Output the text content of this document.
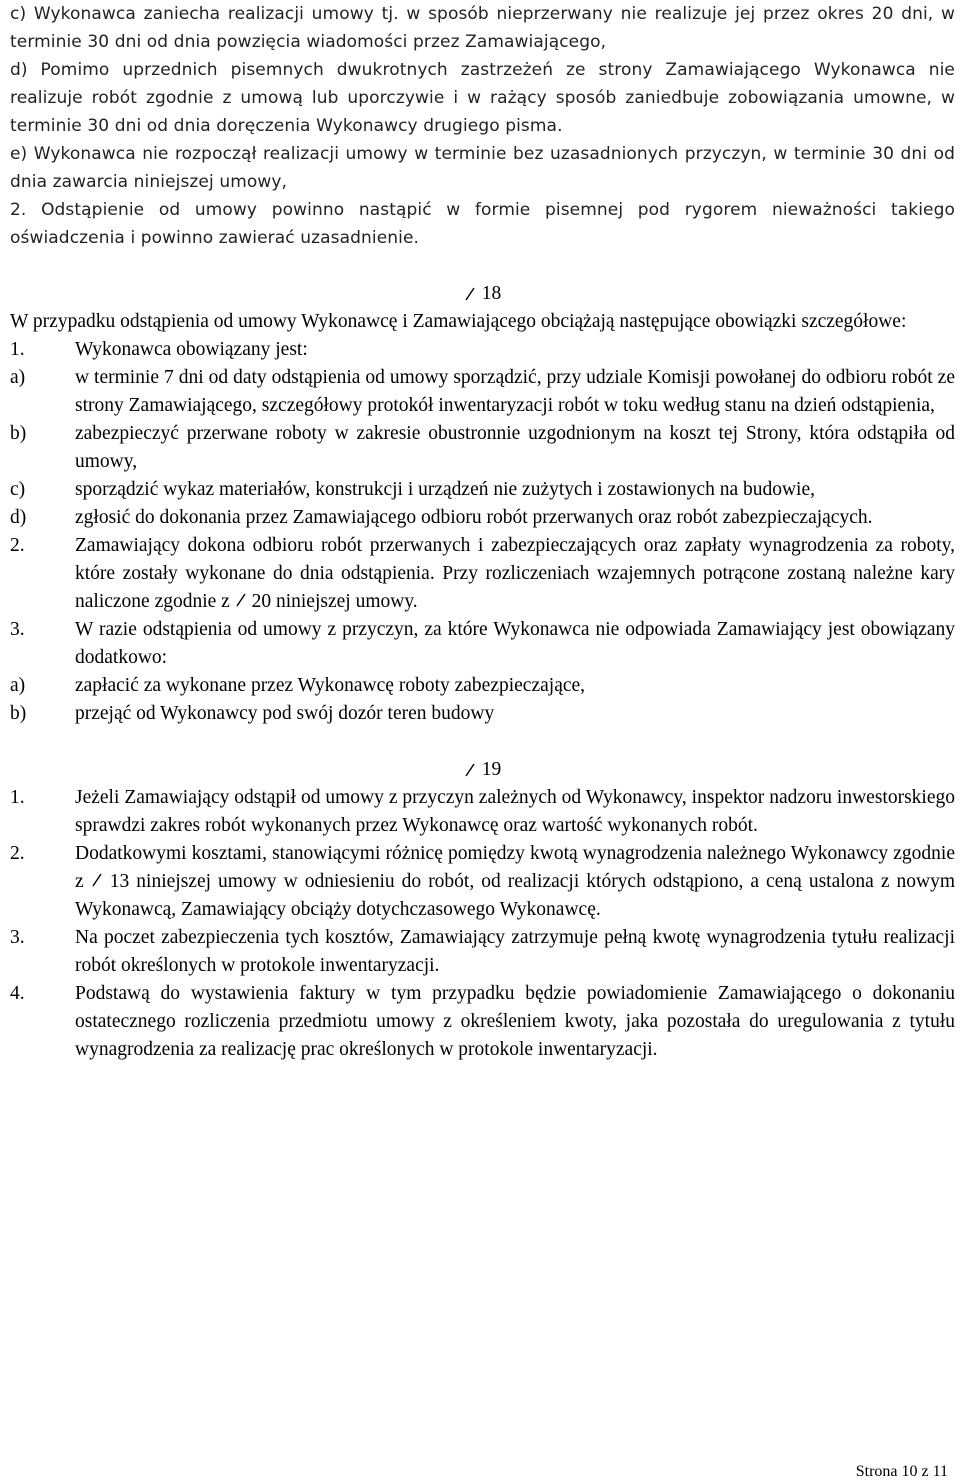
c) Wykonawca zaniecha realizacji umowy tj. w sposób nieprzerwany nie realizuje jej przez okres 20 dni, w terminie 30 dni od dnia powzięcia wiadomości przez Zamawiającego,

d) Pomimo uprzednich pisemnych dwukrotnych zastrzeżeń ze strony Zamawiającego Wykonawca nie realizuje robót zgodnie z umową lub uporczywie i w rażący sposób zaniedbuje zobowiązania umowne, w terminie 30 dni od dnia doręczenia Wykonawcy drugiego pisma.

e) Wykonawca nie rozpoczął realizacji umowy w terminie bez uzasadnionych przyczyn, w terminie 30 dni od dnia zawarcia niniejszej umowy,

2. Odstąpienie od umowy powinno nastąpić w formie pisemnej pod rygorem nieważności takiego oświadczenia i powinno zawierać uzasadnienie.

18

W przypadku odstąpienia od umowy Wykonawcę i Zamawiającego obciążają następujące obowiązki szczegółowe:

1.	Wykonawca obowiązany jest:
a)	w terminie 7 dni od daty odstąpienia od umowy sporządzić, przy udziale Komisji powołanej do odbioru robót ze strony Zamawiającego, szczegółowy protokół inwentaryzacji robót w toku według stanu na dzień odstąpienia,
b)	zabezpieczyć przerwane roboty w zakresie obustronnie uzgodnionym na koszt tej Strony, która odstąpiła od umowy,
c)	sporządzić wykaz materiałów, konstrukcji i urządzeń nie zużytych i zostawionych na budowie,
d)	zgłosić do dokonania przez Zamawiającego odbioru robót przerwanych oraz robót zabezpieczających.
2.	Zamawiający dokona odbioru robót przerwanych i zabezpieczających oraz zapłaty wynagrodzenia za roboty, które zostały wykonane do dnia odstąpienia. Przy rozliczeniach wzajemnych potrącone zostaną należne kary naliczone zgodnie z 20 niniejszej umowy.
3.	W razie odstąpienia od umowy z przyczyn, za które Wykonawca nie odpowiada Zamawiający jest obowiązany dodatkowo:
a)	zapłacić za wykonane przez Wykonawcę roboty zabezpieczające,
b)	przejąć od Wykonawcy pod swój dozór teren budowy
19
1.	Jeżeli Zamawiający odstąpił od umowy z przyczyn zależnych od Wykonawcy, inspektor nadzoru inwestorskiego sprawdzi zakres robót wykonanych przez Wykonawcę oraz wartość wykonanych robót.
2.	Dodatkowymi kosztami, stanowiącymi różnicę pomiędzy kwotą wynagrodzenia należnego Wykonawcy zgodnie z 13 niniejszej umowy w odniesieniu do robót, od realizacji których odstąpiono, a ceną ustalona z nowym Wykonawcą, Zamawiający obciąży dotychczasowego Wykonawcę.
3.	Na poczet zabezpieczenia tych kosztów, Zamawiający zatrzymuje pełną kwotę wynagrodzenia tytułu realizacji robót określonych w protokole inwentaryzacji.
4.	Podstawą do wystawienia faktury w tym przypadku będzie powiadomienie Zamawiającego o dokonaniu ostatecznego rozliczenia przedmiotu umowy z określeniem kwoty, jaka pozostała do uregulowania z tytułu wynagrodzenia za realizację prac określonych w protokole inwentaryzacji.
Strona 10 z 11
